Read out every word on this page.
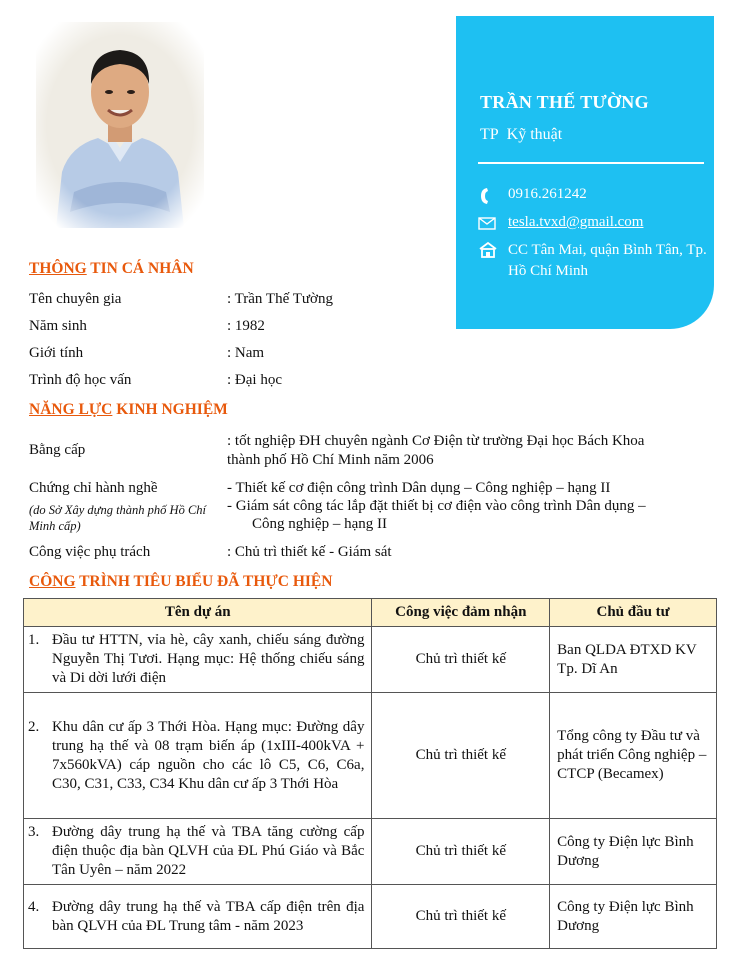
TRẦN THẾ TƯỜNG
TP Kỹ thuật
0916.261242
tesla.tvxd@gmail.com
CC Tân Mai, quận Bình Tân, Tp. Hồ Chí Minh
THÔNG TIN CÁ NHÂN
Tên chuyên gia	: Trần Thế Tường
Năm sinh	: 1982
Giới tính	: Nam
Trình độ học vấn	: Đại học
NĂNG LỰC KINH NGHIỆM
Bằng cấp
: tốt nghiệp ĐH chuyên ngành Cơ Điện từ trường Đại học Bách Khoa
thành phố Hồ Chí Minh năm 2006
Chứng chỉ hành nghề
(do Sở Xây dựng thành phố Hồ Chí Minh cấp)
- Thiết kế cơ điện công trình Dân dụng – Công nghiệp – hạng II
- Giám sát công tác lắp đặt thiết bị cơ điện vào công trình Dân dụng –
Công nghiệp – hạng II
Công việc phụ trách	: Chủ trì thiết kế - Giám sát
CÔNG TRÌNH TIÊU BIỂU ĐÃ THỰC HIỆN
Tên dự án	Công việc đảm nhận	Chủ đầu tư

1. Đầu tư HTTN, vỉa hè, cây xanh, chiếu sáng đường Nguyễn Thị Tươi. Hạng mục: Hệ thống chiếu sáng và Di dời lưới điện	Chủ trì thiết kế	Ban QLDA ĐTXD KV Tp. Dĩ An

2. Khu dân cư ấp 3 Thới Hòa. Hạng mục: Đường dây trung hạ thế và 08 trạm biến áp (1xIII-400kVA + 7x560kVA) cáp nguồn cho các lô C5, C6, C6a, C30, C31, C33, C34 Khu dân cư ấp 3 Thới Hòa	Chủ trì thiết kế	Tổng công ty Đầu tư và phát triển Công nghiệp – CTCP (Becamex)

3. Đường dây trung hạ thế và TBA tăng cường cấp điện thuộc địa bàn QLVH của ĐL Phú Giáo và Bắc Tân Uyên – năm 2022	Chủ trì thiết kế	Công ty Điện lực Bình Dương

4. Đường dây trung hạ thế và TBA cấp điện trên địa bàn QLVH của ĐL Trung tâm - năm 2023	Chủ trì thiết kế	Công ty Điện lực Bình Dương
